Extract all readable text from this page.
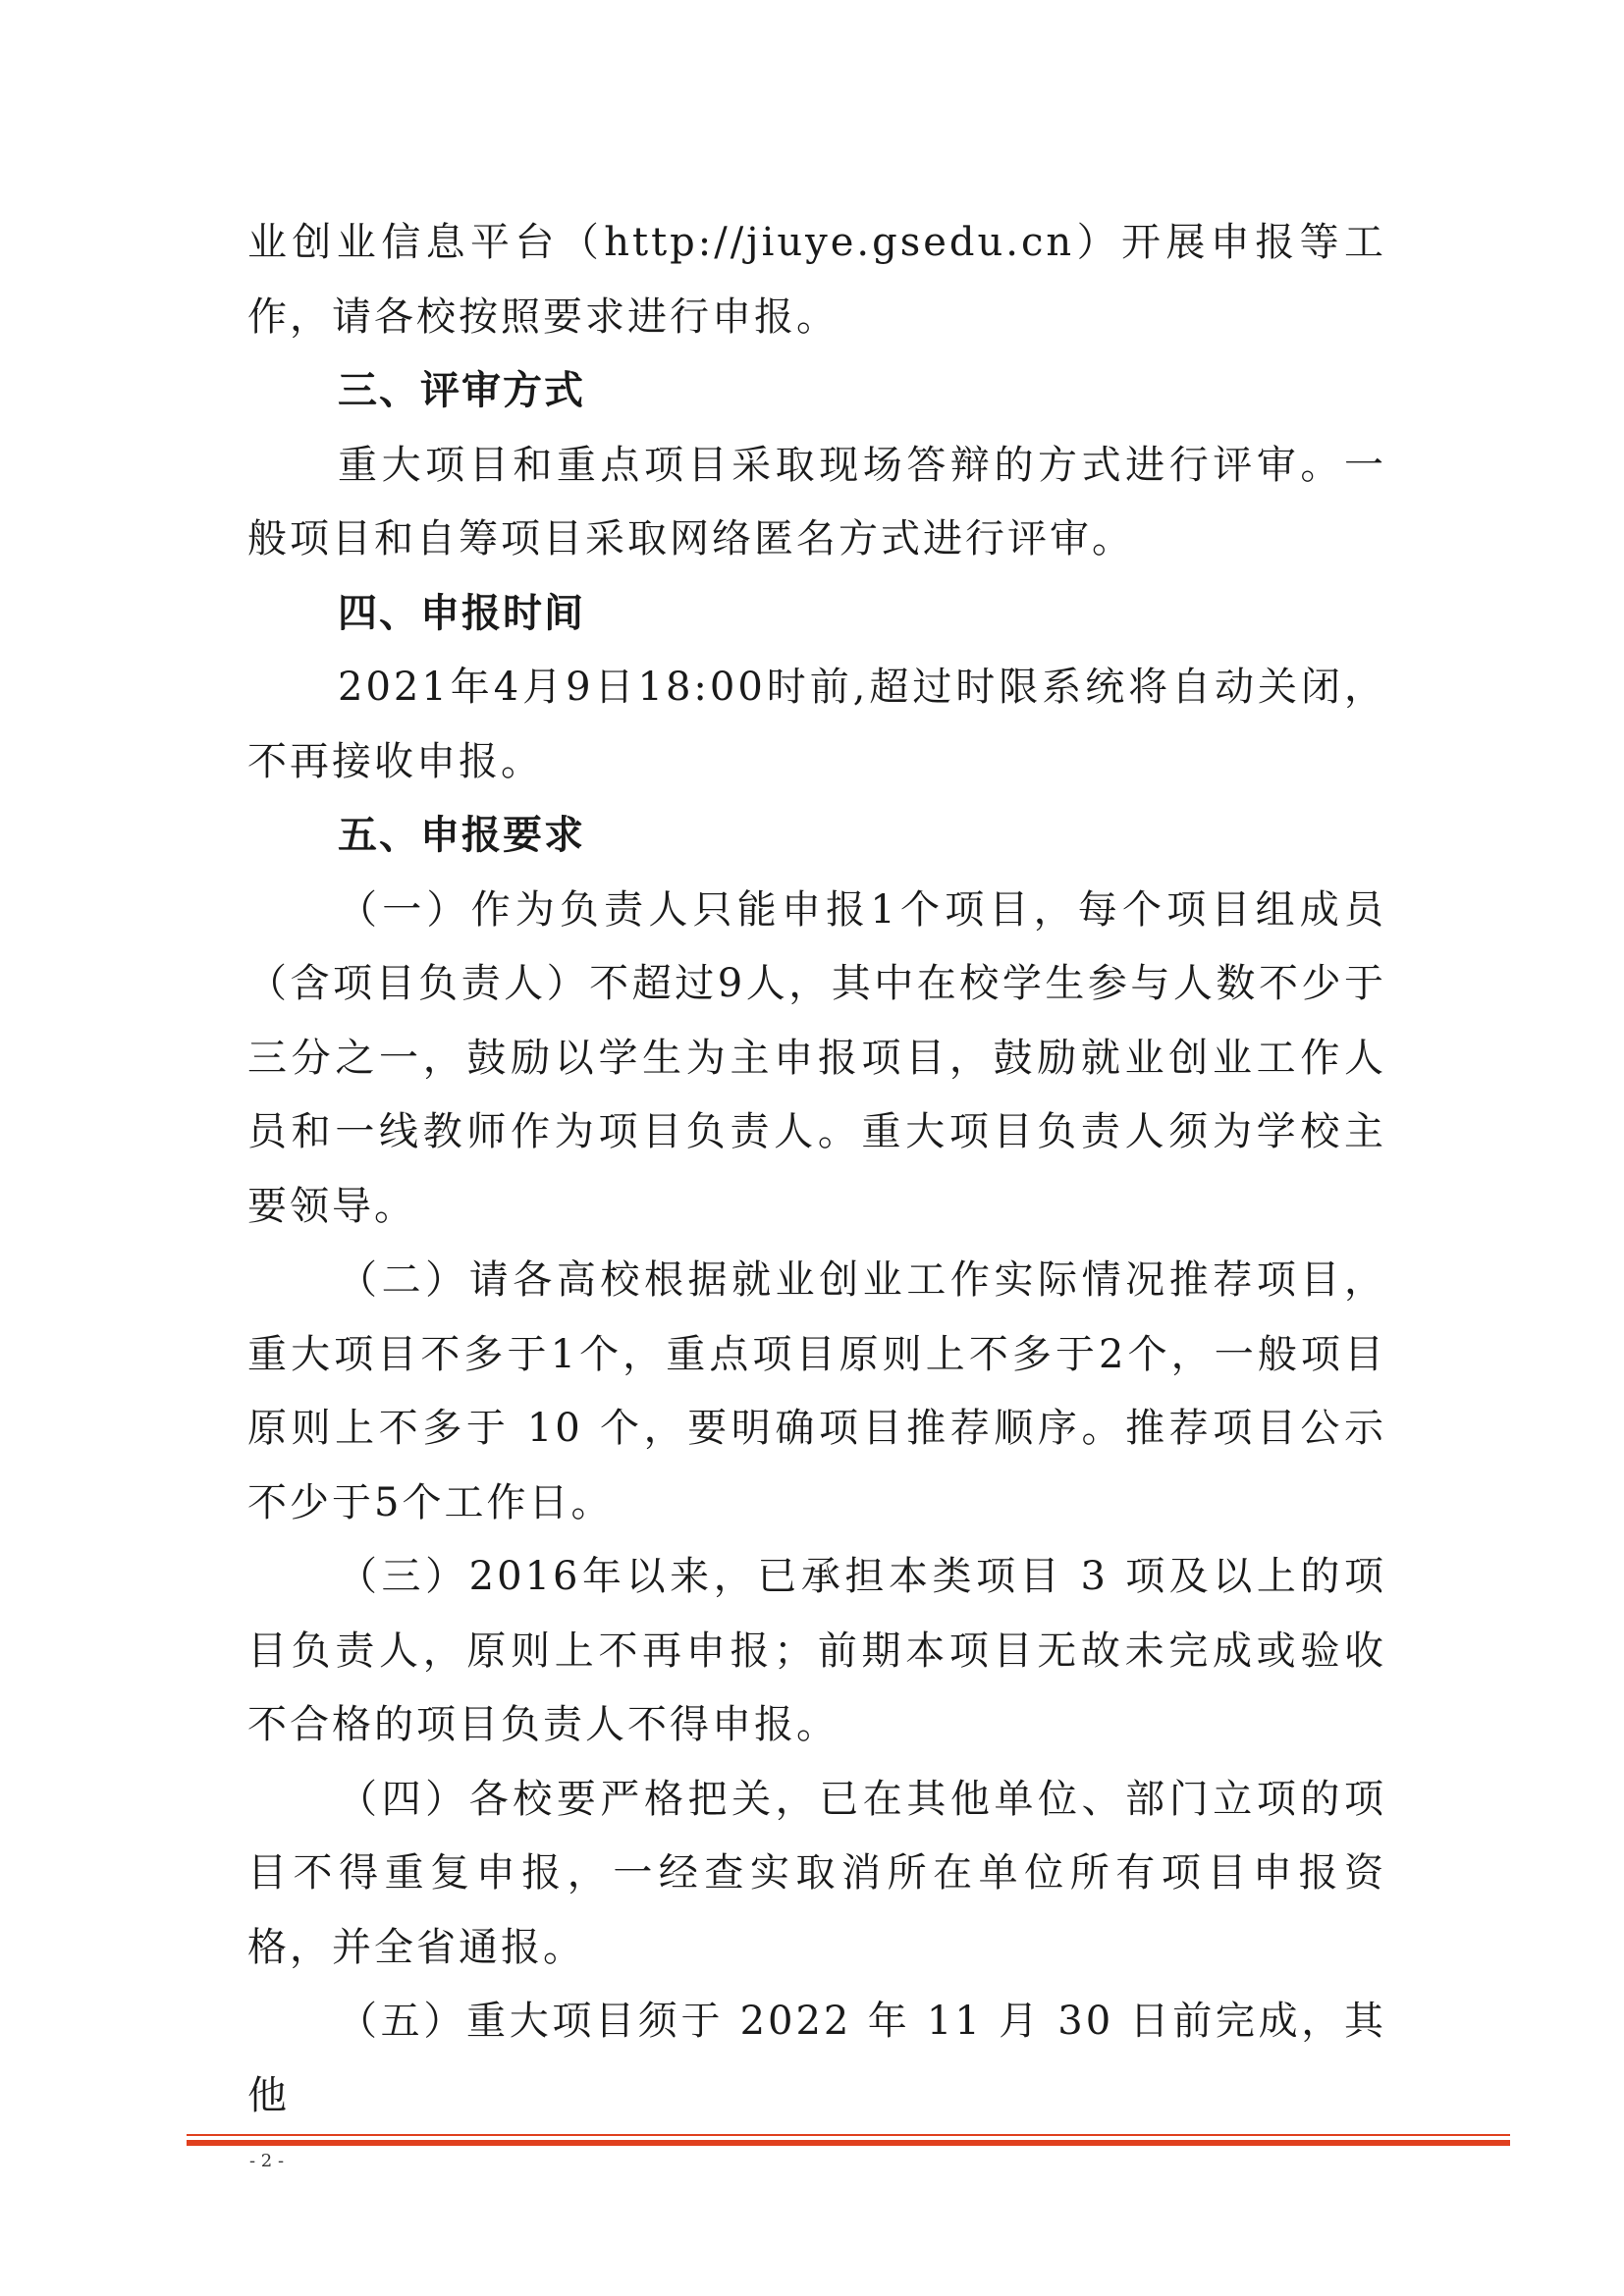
业创业信息平台（http://jiuye.gsedu.cn）开展申报等工作，请各校按照要求进行申报。

三、评审方式

重大项目和重点项目采取现场答辩的方式进行评审。一般项目和自筹项目采取网络匿名方式进行评审。

四、申报时间

2021年4月9日18:00时前,超过时限系统将自动关闭，不再接收申报。

五、申报要求

（一）作为负责人只能申报1个项目，每个项目组成员（含项目负责人）不超过9人，其中在校学生参与人数不少于三分之一，鼓励以学生为主申报项目，鼓励就业创业工作人员和一线教师作为项目负责人。重大项目负责人须为学校主要领导。

（二）请各高校根据就业创业工作实际情况推荐项目，重大项目不多于1个，重点项目原则上不多于2个，一般项目原则上不多于 10 个，要明确项目推荐顺序。推荐项目公示不少于5个工作日。

（三）2016年以来，已承担本类项目 3 项及以上的项目负责人，原则上不再申报；前期本项目无故未完成或验收不合格的项目负责人不得申报。

（四）各校要严格把关，已在其他单位、部门立项的项目不得重复申报，一经查实取消所在单位所有项目申报资格，并全省通报。

（五）重大项目须于 2022 年 11 月 30 日前完成，其他

- 2 -
